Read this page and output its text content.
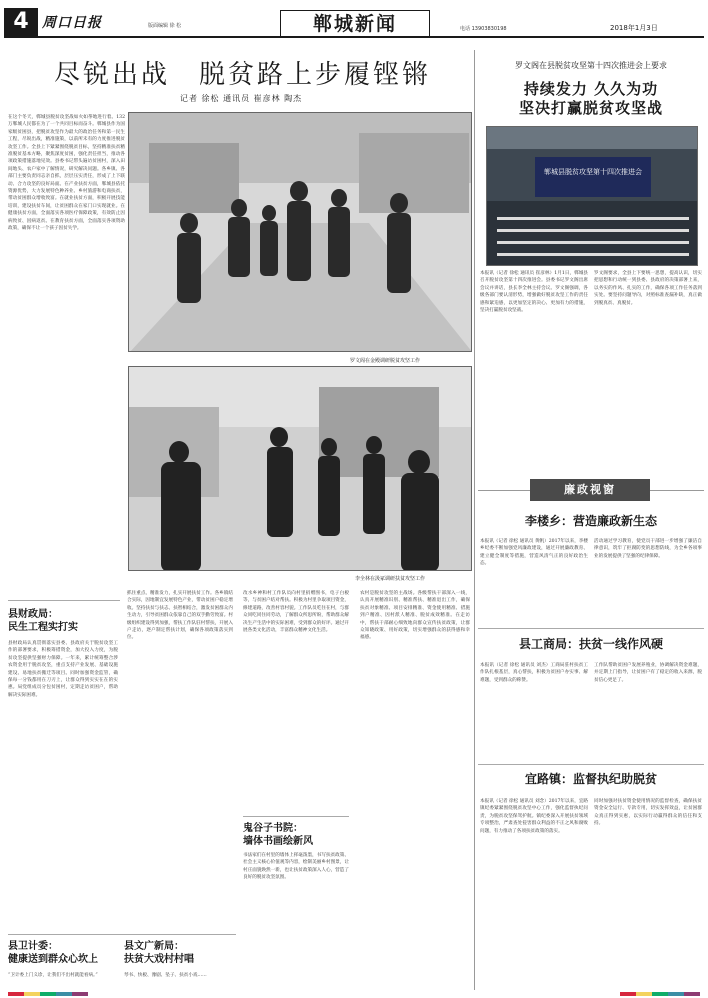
4 周口日报	版面编辑 徐 松	郸城新闻	电话 13903830198	2018年1月3日
尽锐出战　脱贫路上步履铿锵
记者 徐松 通讯员 崔彦林 陶杰
在这个冬天，郸城县脱贫攻坚战如火如荼地进行着。132万郸城人民都在为了一个共同目标而奋斗。郸城县作为国家级贫困县，把脱贫攻坚作为最大的政治任务和第一民生工程，尽锐出战，精准施策，以前所未有的力度推进脱贫攻坚工作。全县上下紧紧围绕脱贫目标，坚持精准扶贫精准脱贫基本方略，聚焦深度贫困，强化责任担当，推动各项政策措施落地见效。县委书记带头遍访贫困村，深入田间地头、农户家中了解情况，研究解决问题。各乡镇、各部门主要负责同志亲自抓，层层压实责任，形成了上下联动、合力攻坚的良好局面。在产业扶贫方面，郸城县依托资源优势，大力发展特色种养业、乡村旅游和电商扶贫，带动贫困群众增收致富。在就业扶贫方面，积极开展技能培训，建设扶贫车间，让贫困群众在家门口实现就业。在健康扶贫方面，全面落实各项医疗保障政策，有效防止因病致贫、因病返贫。在教育扶贫方面，全面落实各项资助政策，确保不让一个孩子因贫失学。
罗文阁在金殿调研脱贫攻坚工作
李全林在汲冢调研扶贫攻坚工作
县财政局：
民生工程实打实
县财政局认真贯彻落实县委、县政府关于脱贫攻坚工作的部署要求，积极筹措资金，加大投入力度，为脱贫攻坚提供坚强财力保障。一年来，累计统筹整合涉农资金用于脱贫攻坚，重点支持产业发展、基础设施建设、易地扶贫搬迁等项目。同时加强资金监管，确保每一分钱都用在刀刃上，让群众得到实实在在的实惠。局党组成员分包贫困村，定期走访贫困户，帮助解决实际困难。
抓住重点、精准发力，扎实开展扶贫工作。各乡镇结合实际，因地制宜发展特色产业，带动贫困户稳定增收。坚持扶贫与扶志、扶智相结合，激发贫困群众内生动力，引导贫困群众依靠自己的双手勤劳致富。村级组织建设得到加强，帮扶工作队驻村帮扶，开展入户走访，逐户制定帮扶计划，确保各项政策落实到位。
改水乡神和村工作队员向村里捐赠图书，电子白板等，与贫困户结对帮扶。积极为村里争取项目资金，修建道路，改善村容村貌。工作队员吃住在村，与群众同吃同住同劳动，了解群众所思所盼，帮助群众解决生产生活中的实际困难，受到群众的好评。通过开展各类文化活动，丰富群众精神文化生活。
农村是脱贫攻坚的主战场。各级帮扶干部深入一线，认真开展精准识别、精准帮扶、精准退出工作，确保扶贫对象精准、项目安排精准、资金使用精准、措施到户精准、因村派人精准、脱贫成效精准。在走访中，帮扶干部耐心细致地向群众宣传扶贫政策，让群众知晓政策、用好政策，切实增强群众的获得感和幸福感。
鬼谷子书院：
墙体书画绘新风
书法家们在村里的墙体上挥毫泼墨，书写扶贫政策、社会主义核心价值观等内容，绘制美丽乡村图景，让村庄面貌焕然一新，也让扶贫政策深入人心，营造了良好的脱贫攻坚氛围。
县卫计委：
健康送到群众心坎上
“卫计委上门义诊，让我们不出村就能看病。”
县文广新局：
扶贫大戏村村唱
琴书、快板、豫剧、坠子、扶贫小戏……
罗文阁在县脱贫攻坚第十四次推进会上要求
持续发力 久久为功
坚决打赢脱贫攻坚战
郸城县脱贫攻坚第十四次推进会
本报讯（记者 徐松 通讯员 崔彦林）1月1日，郸城县召开脱贫攻坚第十四次推进会。县委书记罗文阁出席会议并讲话，县长李全林主持会议。罗文阁强调，各级各部门要认清形势，增强做好脱贫攻坚工作的责任感和紧迫感，以更加坚定的决心、更加有力的措施，坚决打赢脱贫攻坚战。
罗文阁要求，全县上下要统一思想，提高认识，切实把思想和行动统一到县委、县政府的决策部署上来，以务实的作风、扎实的工作，确保各项工作任务落到实处。要坚持问题导向，对照标准查漏补缺，真正做到脱真贫、真脱贫。
廉政视窗
李楼乡：营造廉政新生态
本报讯（记者 徐松 通讯员 黄帆）2017年以来，李楼乡纪委不断加强党风廉政建设，通过开展廉政教育、建立健全制度等措施，营造风清气正的良好政治生态。
活动通过学习教育，使党员干部进一步增强了廉洁自律意识，筑牢了拒腐防变的思想防线，为全乡各项事业的发展提供了坚强的纪律保障。
县工商局：扶贫一线作风硬
本报讯（记者 徐松 通讯员 刘杰）工商局驻村扶贫工作队扎根基层，真心帮扶，积极为贫困户办实事、解难题，受到群众的称赞。
工作队帮助贫困户发展养殖业，协调解决资金难题，并定期上门指导，让贫困户有了稳定的收入来源，脱贫信心更足了。
宜路镇：监督执纪助脱贫
本报讯（记者 徐松 通讯员 刘念）2017年以来，宜路镇纪委紧紧围绕脱贫攻坚中心工作，强化监督执纪问责，为脱贫攻坚保驾护航。镇纪委深入开展扶贫领域专项整治，严肃查处侵害群众利益的不正之风和腐败问题，有力推动了各项扶贫政策的落实。
同时加强对扶贫资金使用情况的监督检查，确保扶贫资金安全运行、专款专用，切实发挥效益，让贫困群众真正得到实惠，以实际行动赢得群众的信任和支持。
